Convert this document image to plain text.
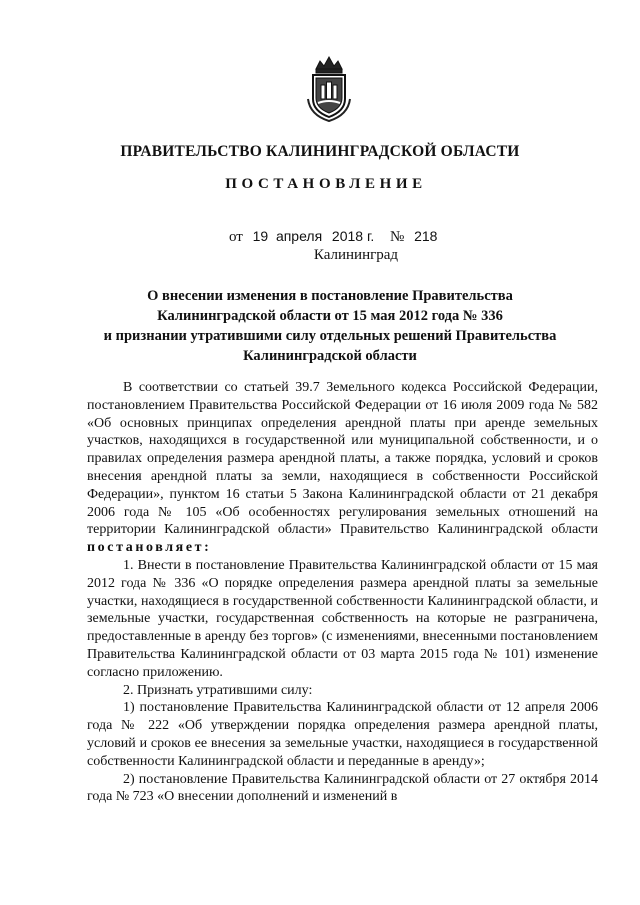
ПРАВИТЕЛЬСТВО КАЛИНИНГРАДСКОЙ ОБЛАСТИ
ПОСТАНОВЛЕНИЕ
от 19 апреля 2018 г. № 218
Калининград
О внесении изменения в постановление Правительства
Калининградской области от 15 мая 2012 года № 336
и признании утратившими силу отдельных решений Правительства
Калининградской области

В соответствии со статьей 39.7 Земельного кодекса Российской Федерации, постановлением Правительства Российской Федерации от 16 июля 2009 года № 582 «Об основных принципах определения арендной платы при аренде земельных участков, находящихся в государственной или муниципальной собственности, и о правилах определения размера арендной платы, а также порядка, условий и сроков внесения арендной платы за земли, находящиеся в собственности Российской Федерации», пунктом 16 статьи 5 Закона Калининградской области от 21 декабря 2006 года № 105 «Об особенностях регулирования земельных отношений на территории Калининградской области» Правительство Калининградской области постановляет:

1. Внести в постановление Правительства Калининградской области от 15 мая 2012 года № 336 «О порядке определения размера арендной платы за земельные участки, находящиеся в государственной собственности Калининградской области, и земельные участки, государственная собственность на которые не разграничена, предоставленные в аренду без торгов» (с изменениями, внесенными постановлением Правительства Калининградской области от 03 марта 2015 года № 101) изменение согласно приложению.

2. Признать утратившими силу:

1) постановление Правительства Калининградской области от 12 апреля 2006 года № 222 «Об утверждении порядка определения размера арендной платы, условий и сроков ее внесения за земельные участки, находящиеся в государственной собственности Калининградской области и переданные в аренду»;

2) постановление Правительства Калининградской области от 27 октября 2014 года № 723 «О внесении дополнений и изменений в
